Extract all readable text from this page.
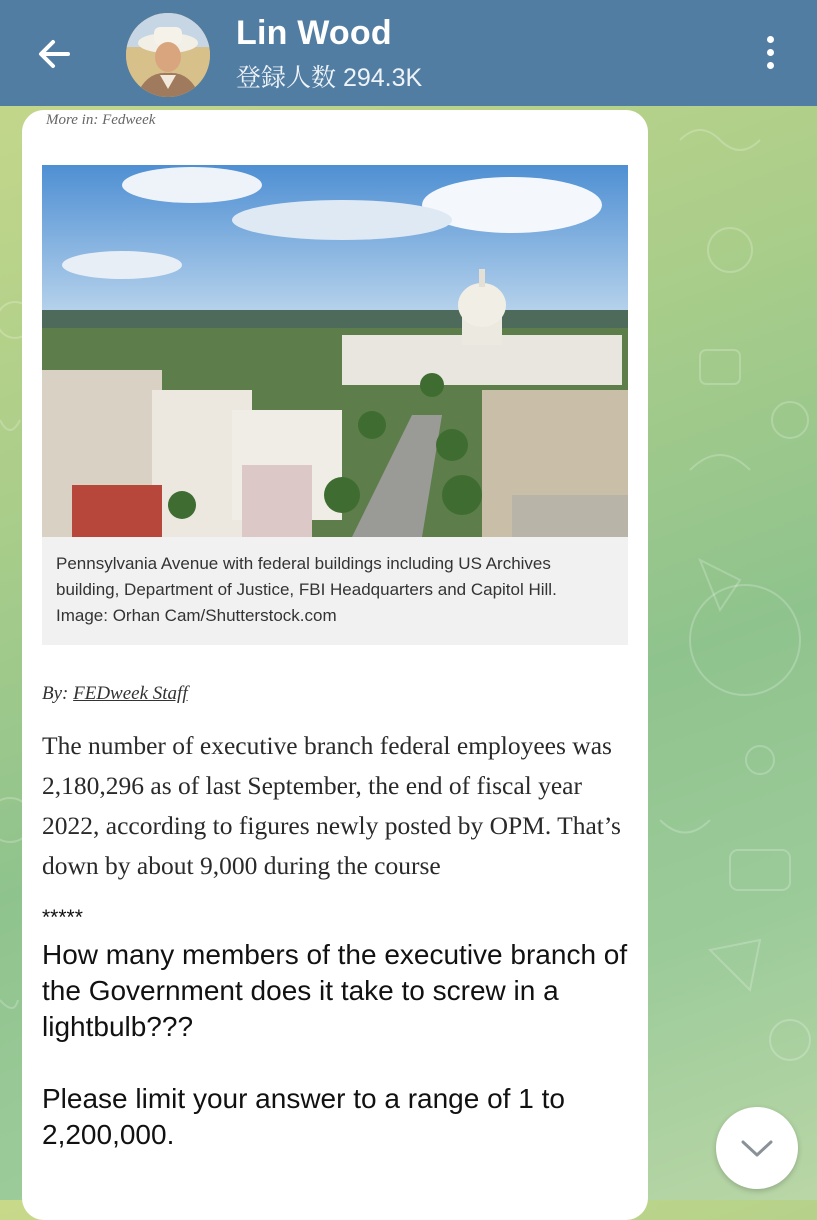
Lin Wood
登録人数 294.3K
More in: Fedweek
Pennsylvania Avenue with federal buildings including US Archives building, Department of Justice, FBI Headquarters and Capitol Hill. Image: Orhan Cam/Shutterstock.com
By: FEDweek Staff
The number of executive branch federal employees was 2,180,296 as of last September, the end of fiscal year 2022, according to figures newly posted by OPM. That’s down by about 9,000 during the course
*****

How many members of the executive branch of the Government does it take to screw in a lightbulb???

Please limit your answer to a range of 1 to 2,200,000.
